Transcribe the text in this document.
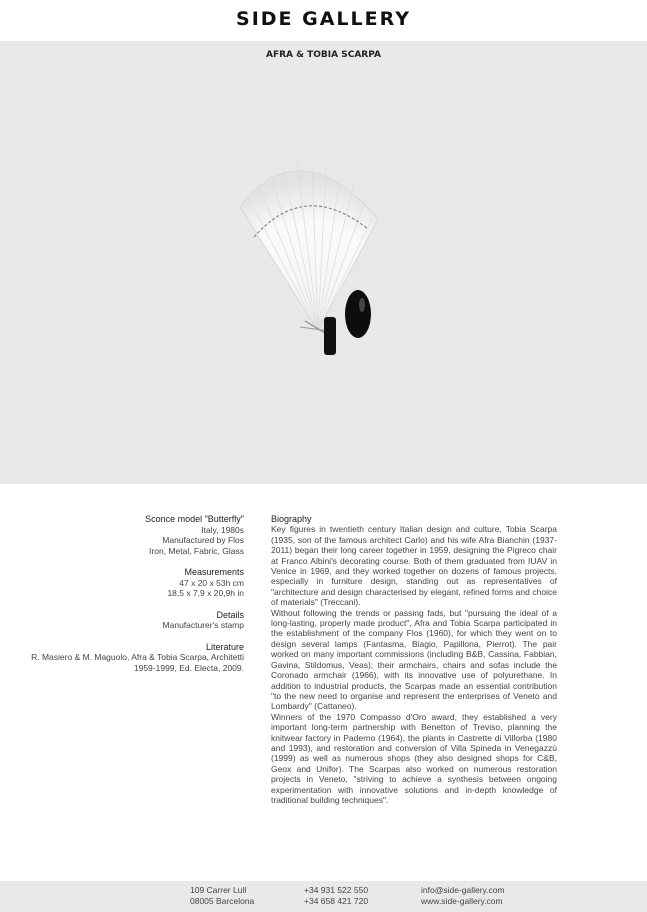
SIDE GALLERY
AFRA & TOBIA SCARPA
Sconce model "Butterfly"
Italy, 1980s
Manufactured by Flos
Iron, Metal, Fabric, Glass
Measurements
47 x 20 x 53h cm
18,5 x 7,9 x 20,9h in
Details
Manufacturer's stamp
Literature
R. Masiero & M. Maguolo, Afra & Tobia Scarpa, Architetti
1959-1999, Ed. Electa, 2009.
Biography

Key figures in twentieth century Italian design and culture, Tobia Scarpa (1935, son of the famous architect Carlo) and his wife Afra Bianchin (1937-2011) began their long career together in 1959, designing the Pigreco chair at Franco Albini's decorating course. Both of them graduated from IUAV in Venice in 1969, and they worked together on dozens of famous projects, especially in furniture design, standing out as representatives of "architecture and design characterised by elegant, refined forms and choice of materials" (Treccani).

Without following the trends or passing fads, but "pursuing the ideal of a long-lasting, properly made product", Afra and Tobia Scarpa participated in the establishment of the company Flos (1960), for which they went on to design several lamps (Fantasma, Biagio, Papillona, Pierrot). The pair worked on many important commissions (including B&B, Cassina, Fabbian, Gavina, Stildomus, Veas); their armchairs, chairs and sofas include the Coronado armchair (1966), with its innovative use of polyurethane. In addition to industrial products, the Scarpas made an essential contribution "to the new need to organise and represent the enterprises of Veneto and Lombardy" (Cattaneo).

Winners of the 1970 Compasso d'Oro award, they established a very important long-term partnership with Benetton of Treviso, planning the knitwear factory in Paderno (1964), the plants in Castrette di Villorba (1980 and 1993), and restoration and conversion of Villa Spineda in Venegazzù (1999) as well as numerous shops (they also designed shops for C&B, Geox and Unifor). The Scarpas also worked on numerous restoration projects in Veneto, "striving to achieve a synthesis between ongoing experimentation with innovative solutions and in-depth knowledge of traditional building techniques".

109 Carrer Lull
08005 Barcelona
+34 931 522 550
+34 658 421 720
info@side-gallery.com
www.side-gallery.com
